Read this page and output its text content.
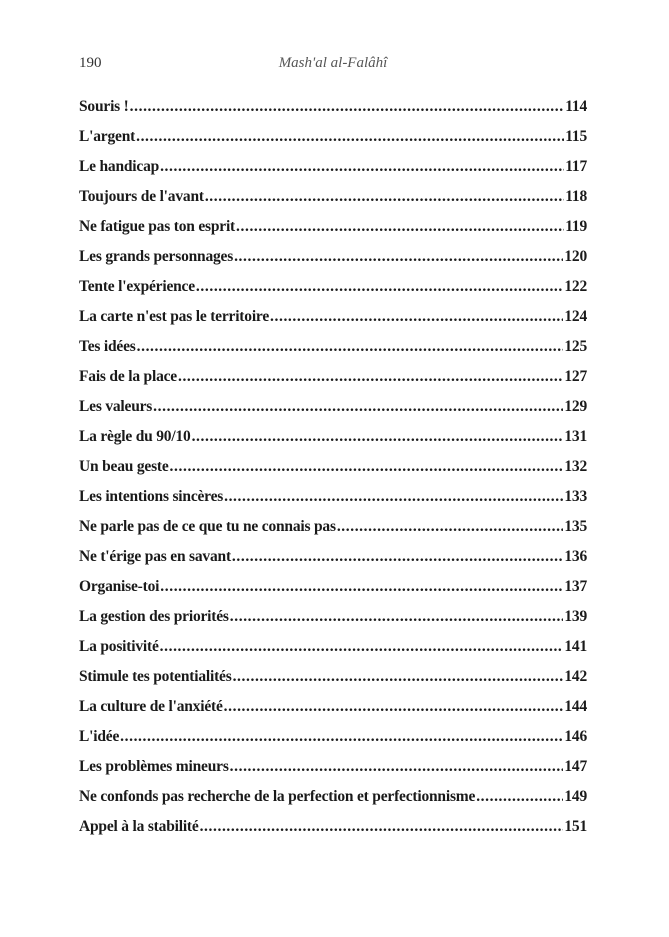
190	Mash'al al-Falâhî
Souris ! .....	114
L'argent .....	115
Le handicap .....	117
Toujours de l'avant .....	118
Ne fatigue pas ton esprit .....	119
Les grands personnages .....	120
Tente l'expérience .....	122
La carte n'est pas le territoire .....	124
Tes idées .....	125
Fais de la place .....	127
Les valeurs .....	129
La règle du 90/10 .....	131
Un beau geste .....	132
Les intentions sincères .....	133
Ne parle pas de ce que tu ne connais pas .....	135
Ne t'érige pas en savant .....	136
Organise-toi .....	137
La gestion des priorités .....	139
La positivité .....	141
Stimule tes potentialités .....	142
La culture de l'anxiété .....	144
L'idée .....	146
Les problèmes mineurs .....	147
Ne confonds pas recherche de la perfection et perfectionnisme .....	149
Appel à la stabilité .....	151
